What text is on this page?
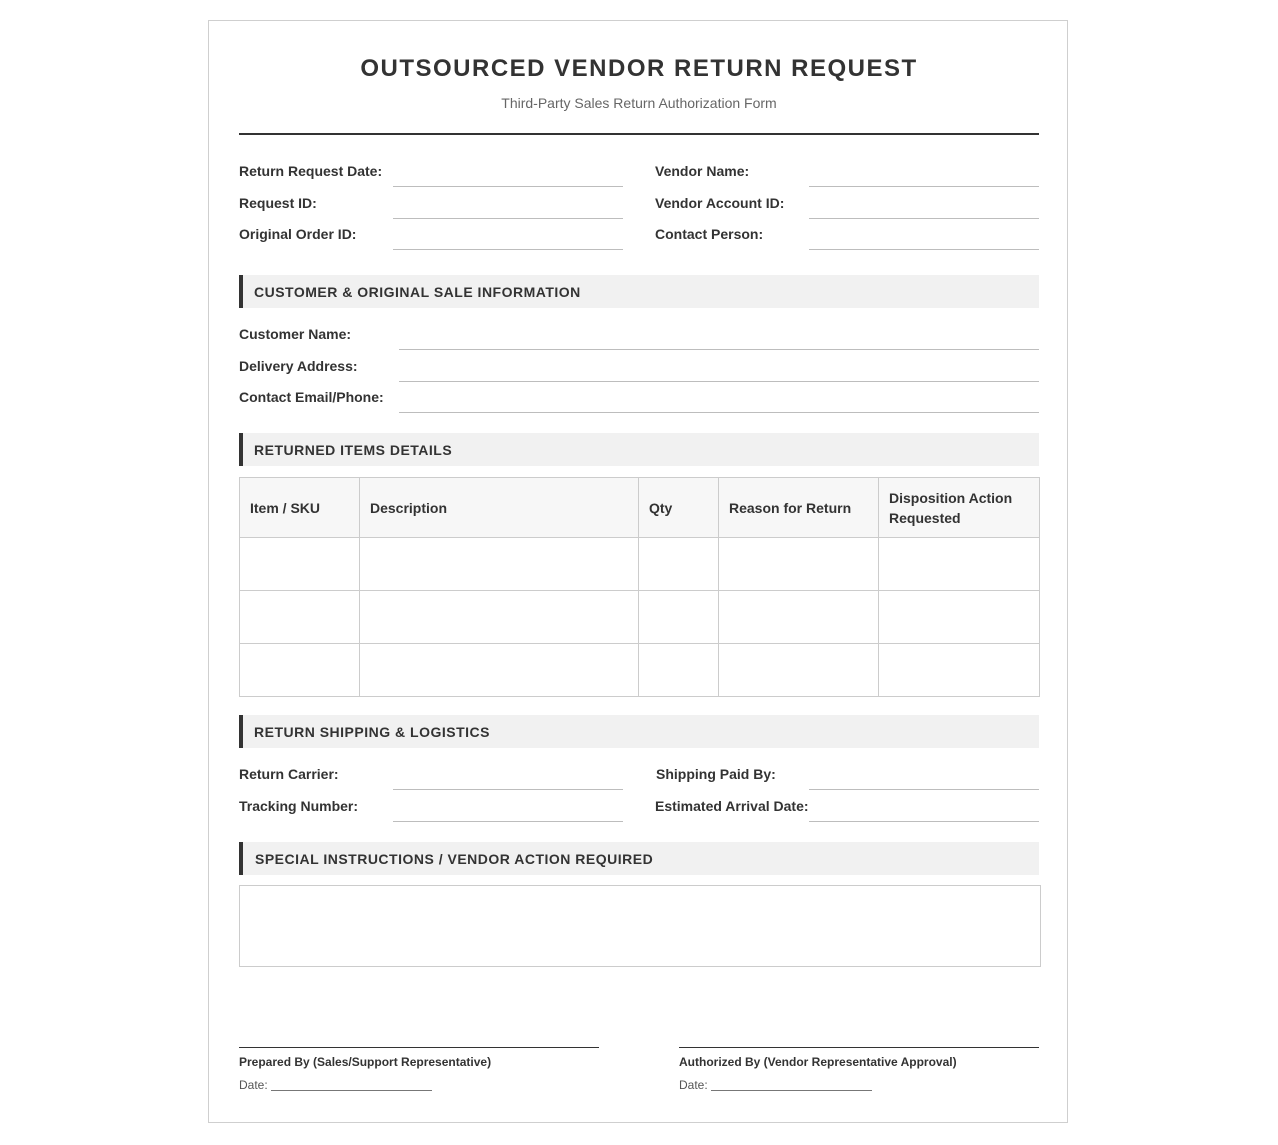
OUTSOURCED VENDOR RETURN REQUEST
Third-Party Sales Return Authorization Form
Return Request Date:
Request ID:
Original Order ID:
Vendor Name:
Vendor Account ID:
Contact Person:
CUSTOMER & ORIGINAL SALE INFORMATION
Customer Name:
Delivery Address:
Contact Email/Phone:
RETURNED ITEMS DETAILS
Item / SKU	Description	Qty	Reason for Return	Disposition Action Requested

RETURN SHIPPING & LOGISTICS
Return Carrier:
Tracking Number:
Shipping Paid By:
Estimated Arrival Date:
SPECIAL INSTRUCTIONS / VENDOR ACTION REQUIRED
Prepared By (Sales/Support Representative)
Date:
Authorized By (Vendor Representative Approval)
Date:
